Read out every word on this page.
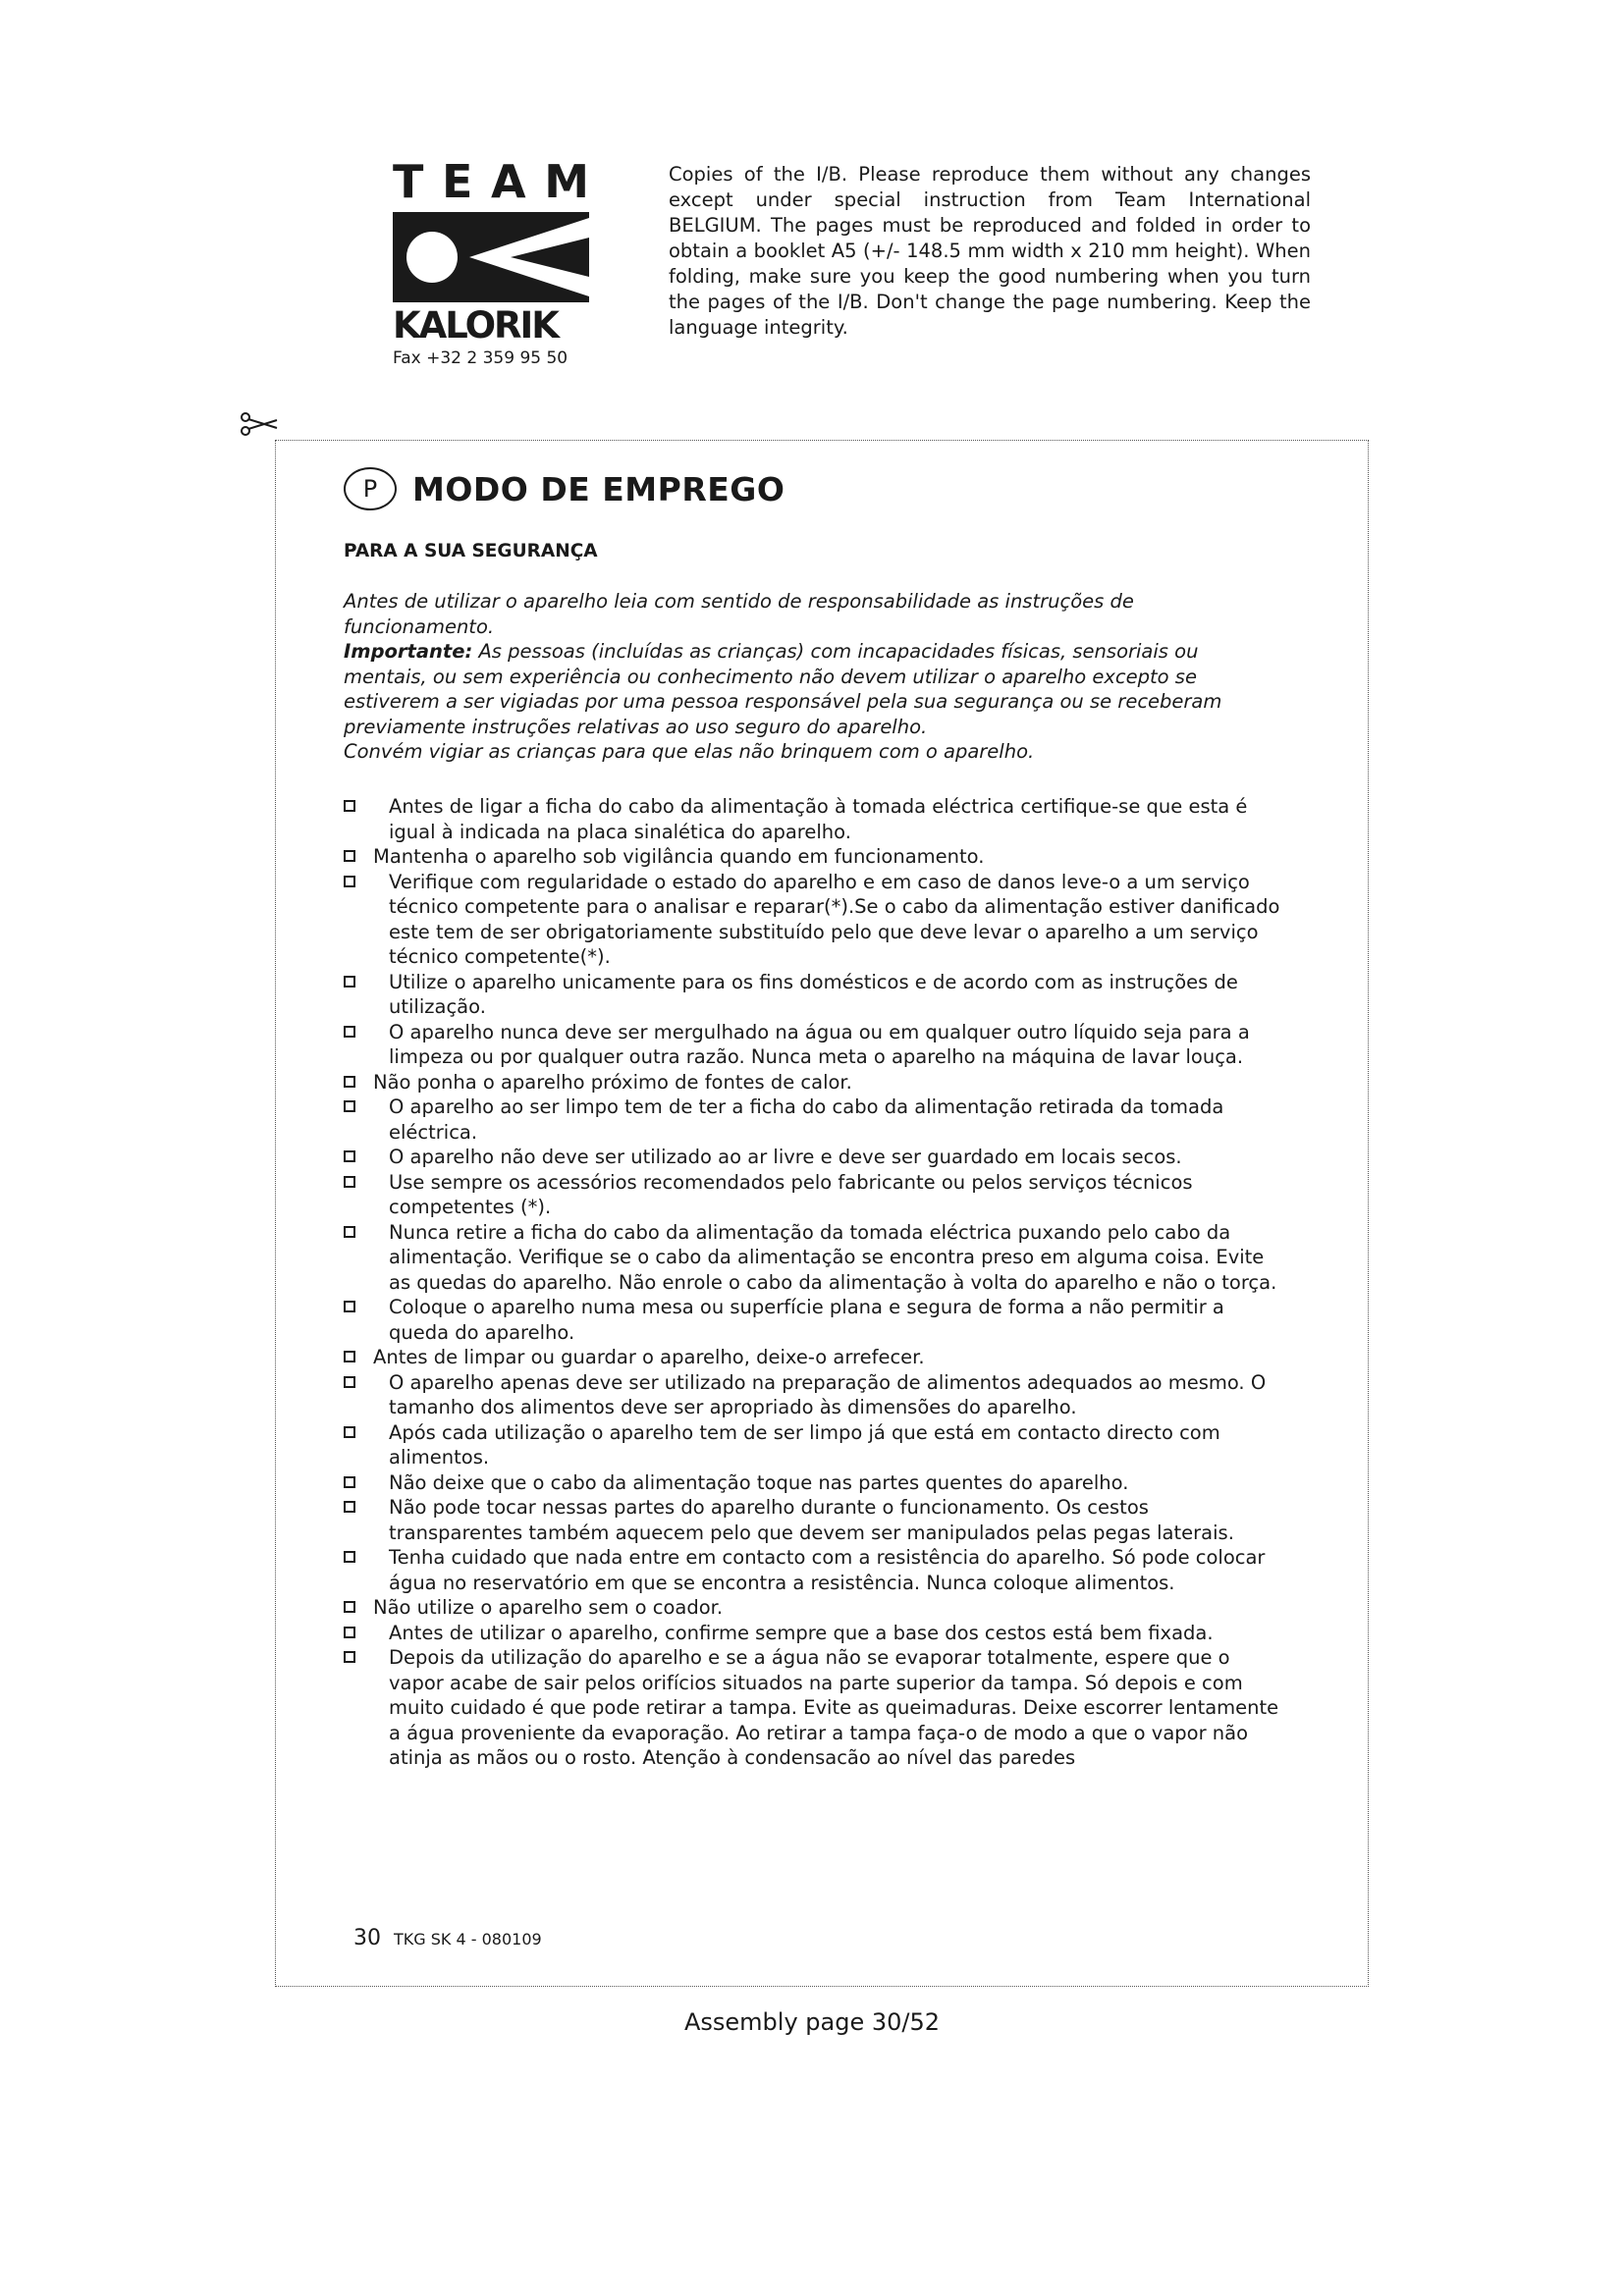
T E A M
KALORIK
Fax +32 2 359 95 50
Copies of the I/B. Please reproduce them without any changes except under special instruction from Team International BELGIUM. The pages must be reproduced and folded in order to obtain a booklet A5 (+/- 148.5 mm width x 210 mm height). When folding, make sure you keep the good numbering when you turn the pages of the I/B. Don't change the page numbering. Keep the language integrity.
P	MODO DE EMPREGO
PARA A SUA SEGURANÇA
Antes de utilizar o aparelho leia com sentido de responsabilidade as instruções de funcionamento.
Importante: As pessoas (incluídas as crianças) com incapacidades físicas, sensoriais ou mentais, ou sem experiência ou conhecimento não devem utilizar o aparelho excepto se estiverem a ser vigiadas por uma pessoa responsável pela sua segurança ou se receberam previamente instruções relativas ao uso seguro do aparelho.
Convém vigiar as crianças para que elas não brinquem com o aparelho.
Antes de ligar a ficha do cabo da alimentação à tomada eléctrica certifique-se que esta é igual à indicada na placa sinalética do aparelho.
Mantenha o aparelho sob vigilância quando em funcionamento.
Verifique com regularidade o estado do aparelho e em caso de danos leve-o a um serviço técnico competente para o analisar e reparar(*).Se o cabo da alimentação estiver danificado este tem de ser obrigatoriamente substituído pelo que deve levar o aparelho a um serviço técnico competente(*).
Utilize o aparelho unicamente para os fins domésticos e de acordo com as instruções de utilização.
O aparelho nunca deve ser mergulhado na água ou em qualquer outro líquido seja para a limpeza ou por qualquer outra razão. Nunca meta o aparelho na máquina de lavar louça.
Não ponha o aparelho próximo de fontes de calor.
O aparelho ao ser limpo tem de ter a ficha do cabo da alimentação retirada da tomada eléctrica.
O aparelho não deve ser utilizado ao ar livre e deve ser guardado em locais secos.
Use sempre os acessórios recomendados pelo fabricante ou pelos serviços técnicos competentes (*).
Nunca retire a ficha do cabo da alimentação da tomada eléctrica puxando pelo cabo da alimentação. Verifique se o cabo da alimentação se encontra preso em alguma coisa. Evite as quedas do aparelho. Não enrole o cabo da alimentação à volta do aparelho e não o torça.
Coloque o aparelho numa mesa ou superfície plana e segura de forma a não permitir a queda do aparelho.
Antes de limpar ou guardar o aparelho, deixe-o arrefecer.
O aparelho apenas deve ser utilizado na preparação de alimentos adequados ao mesmo. O tamanho dos alimentos deve ser apropriado às dimensões do aparelho.
Após cada utilização o aparelho tem de ser limpo já que está em contacto directo com alimentos.
Não deixe que o cabo da alimentação toque nas partes quentes do aparelho.
Não pode tocar nessas partes do aparelho durante o funcionamento. Os cestos transparentes também aquecem pelo que devem ser manipulados pelas pegas laterais.
Tenha cuidado que nada entre em contacto com a resistência do aparelho. Só pode colocar água no reservatório em que se encontra a resistência. Nunca coloque alimentos.
Não utilize o aparelho sem o coador.
Antes de utilizar o aparelho, confirme sempre que a base dos cestos está bem fixada.
Depois da utilização do aparelho e se a água não se evaporar totalmente, espere que o vapor acabe de sair pelos orifícios situados na parte superior da tampa. Só depois e com muito cuidado é que pode retirar a tampa. Evite as queimaduras. Deixe escorrer lentamente a água proveniente da evaporação. Ao retirar a tampa faça-o de modo a que o vapor não atinja as mãos ou o rosto. Atenção à condensacão ao nível das paredes
30 TKG SK 4 - 080109
Assembly page 30/52
